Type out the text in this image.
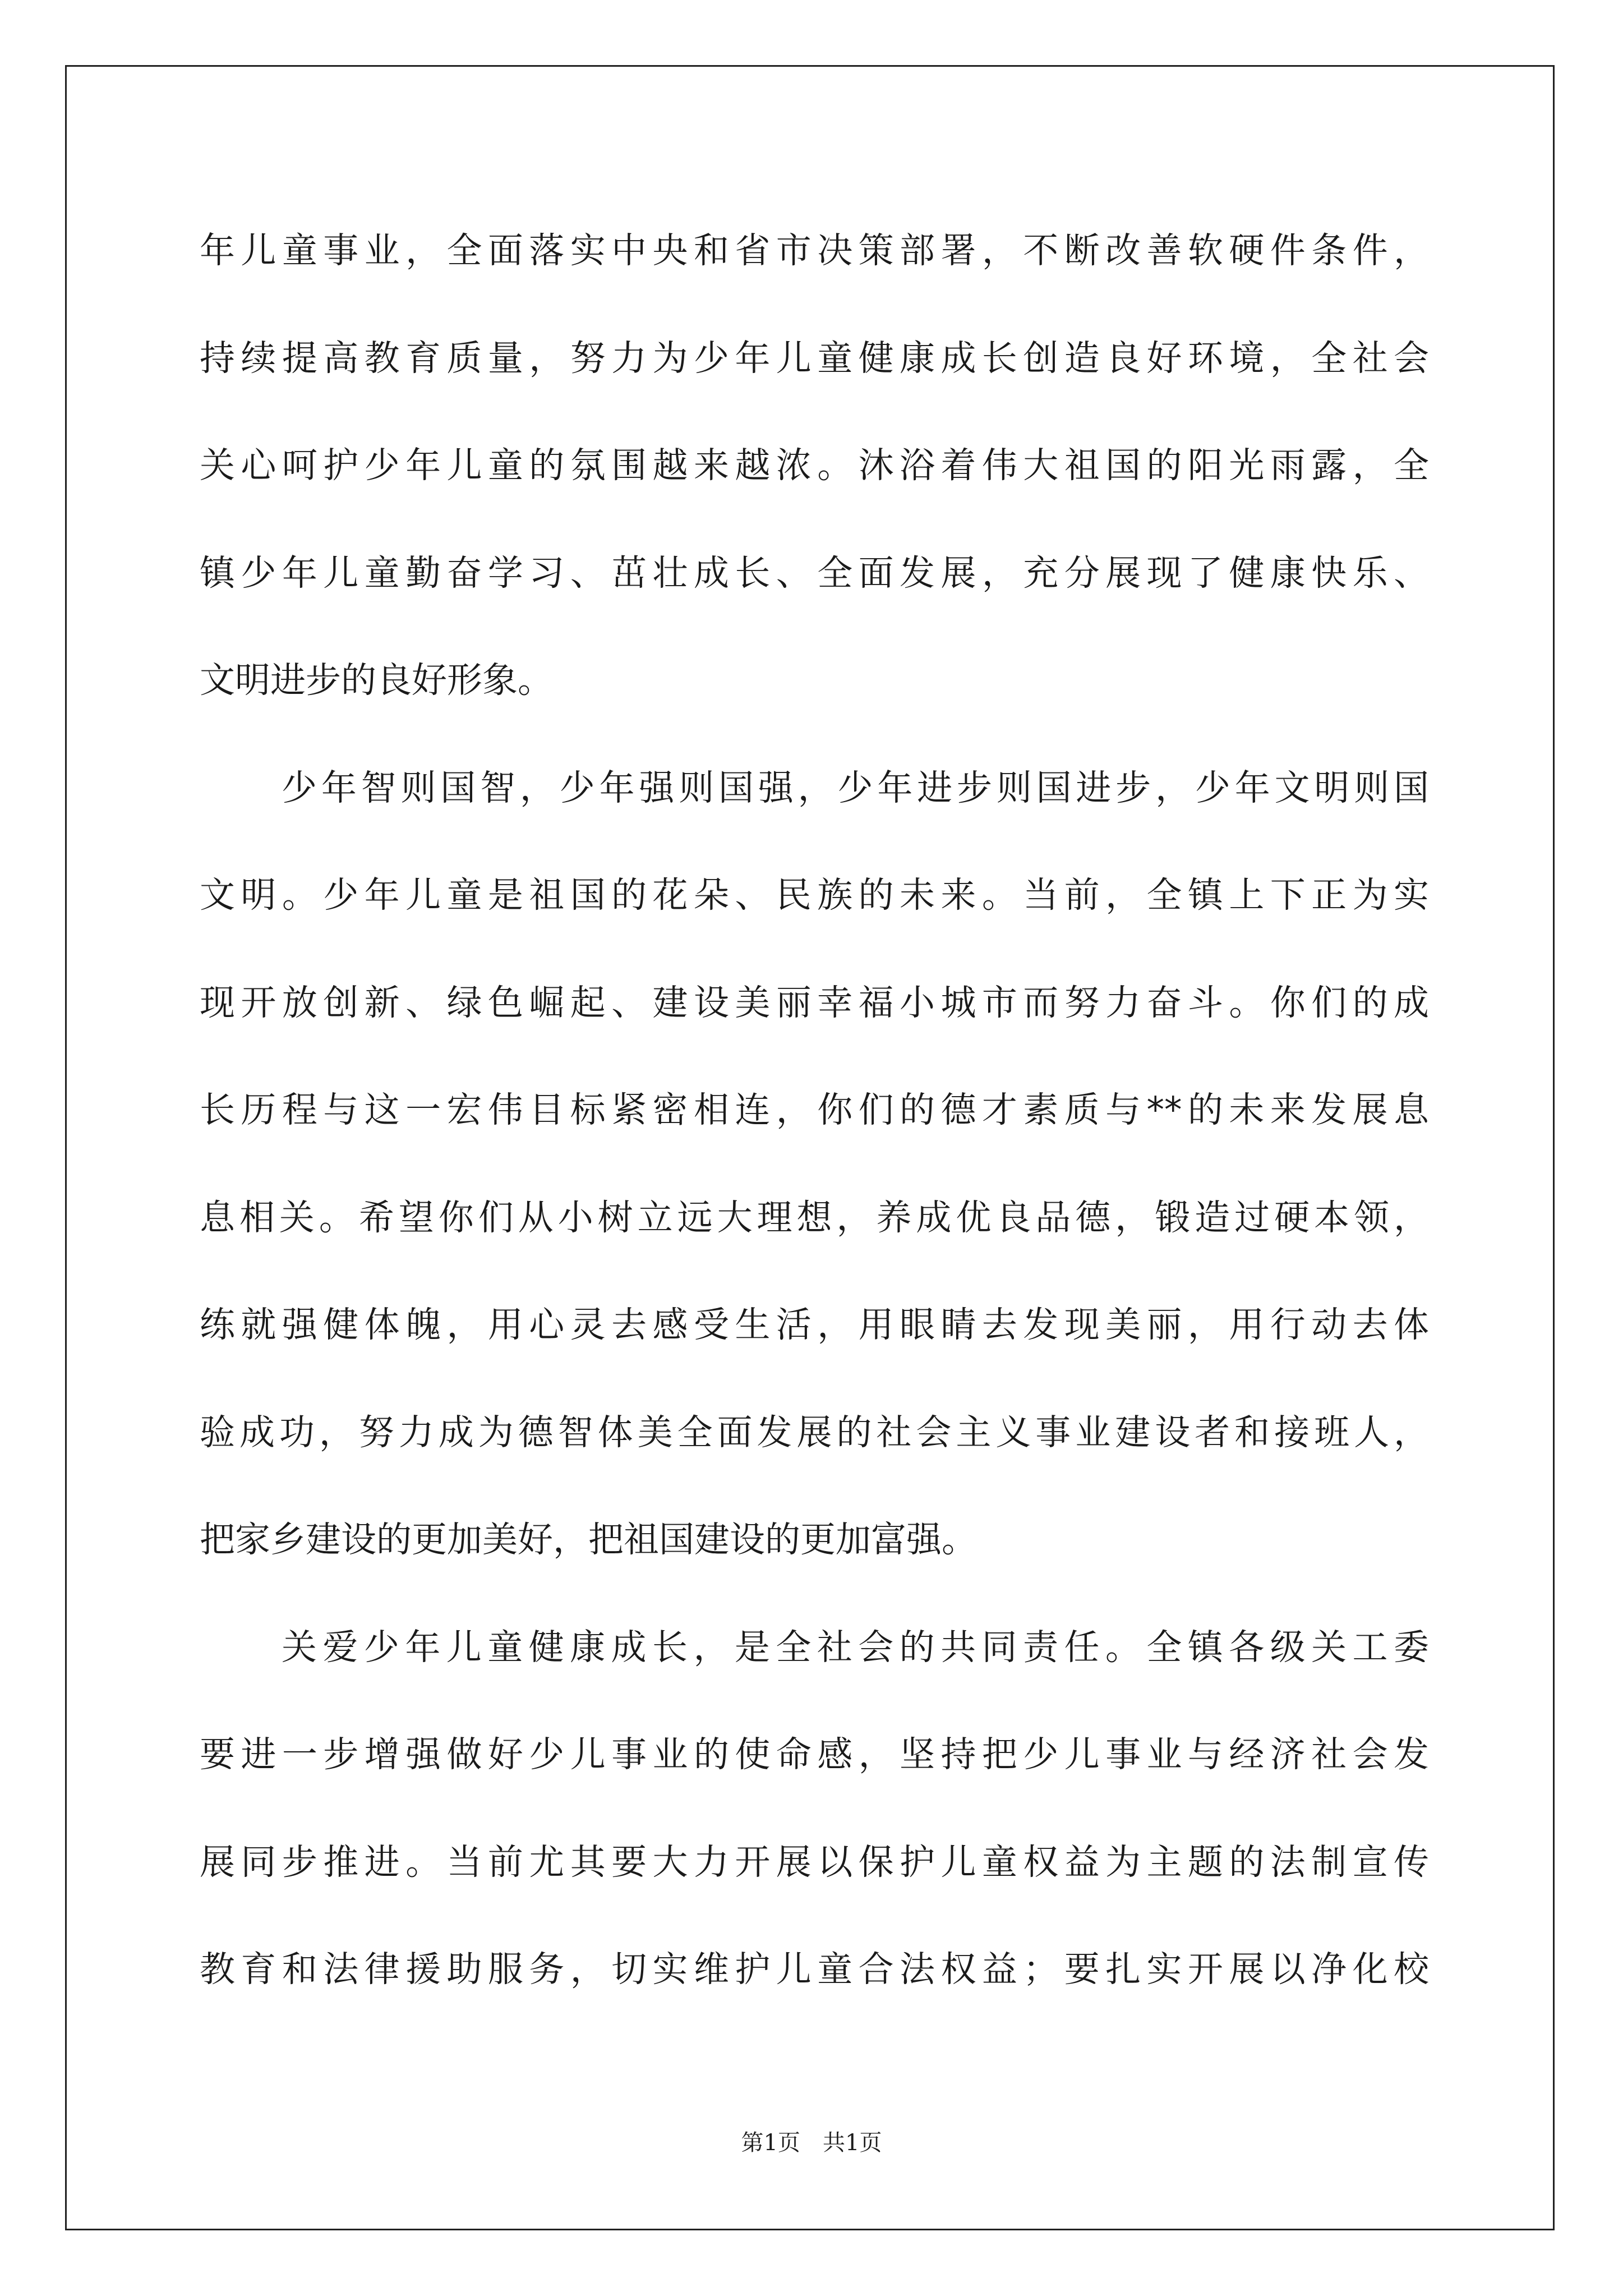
年儿童事业，全面落实中央和省市决策部署，不断改善软硬件条件，
持续提高教育质量，努力为少年儿童健康成长创造良好环境，全社会
关心呵护少年儿童的氛围越来越浓。沐浴着伟大祖国的阳光雨露，全
镇少年儿童勤奋学习、茁壮成长、全面发展，充分展现了健康快乐、
文明进步的良好形象。
少年智则国智，少年强则国强，少年进步则国进步，少年文明则国
文明。少年儿童是祖国的花朵、民族的未来。当前，全镇上下正为实
现开放创新、绿色崛起、建设美丽幸福小城市而努力奋斗。你们的成
长历程与这一宏伟目标紧密相连，你们的德才素质与**的未来发展息
息相关。希望你们从小树立远大理想，养成优良品德，锻造过硬本领，
练就强健体魄，用心灵去感受生活，用眼睛去发现美丽，用行动去体
验成功，努力成为德智体美全面发展的社会主义事业建设者和接班人，
把家乡建设的更加美好，把祖国建设的更加富强。
关爱少年儿童健康成长，是全社会的共同责任。全镇各级关工委
要进一步增强做好少儿事业的使命感，坚持把少儿事业与经济社会发
展同步推进。当前尤其要大力开展以保护儿童权益为主题的法制宣传
教育和法律援助服务，切实维护儿童合法权益；要扎实开展以净化校
第1页　共1页
